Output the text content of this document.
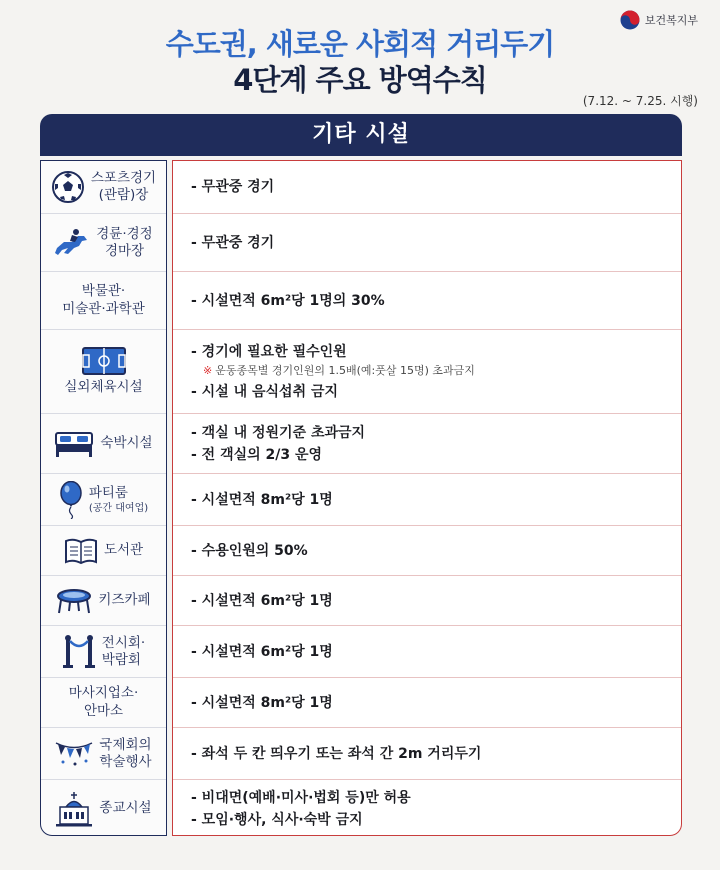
보건복지부
수도권, 새로운 사회적 거리두기
4단계 주요 방역수칙
(7.12. ~ 7.25. 시행)
기타 시설
스포츠경기
(관람)장
경륜·경정
경마장
박물관·
미술관·과학관
실외체육시설
숙박시설
파티룸
(공간 대여업)
도서관
키즈카페
전시회·
박람회
마사지업소·
안마소
국제회의
학술행사
종교시설
- 무관중 경기
- 무관중 경기
- 시설면적 6m²당 1명의 30%
- 경기에 필요한 필수인원
※ 운동종목별 경기인원의 1.5배(예:풋살 15명) 초과금지
- 시설 내 음식섭취 금지
- 객실 내 정원기준 초과금지
- 전 객실의 2/3 운영
- 시설면적 8m²당 1명
- 수용인원의 50%
- 시설면적 6m²당 1명
- 시설면적 6m²당 1명
- 시설면적 8m²당 1명
- 좌석 두 칸 띄우기 또는 좌석 간 2m 거리두기
- 비대면(예배·미사·법회 등)만 허용
- 모임·행사, 식사·숙박 금지
